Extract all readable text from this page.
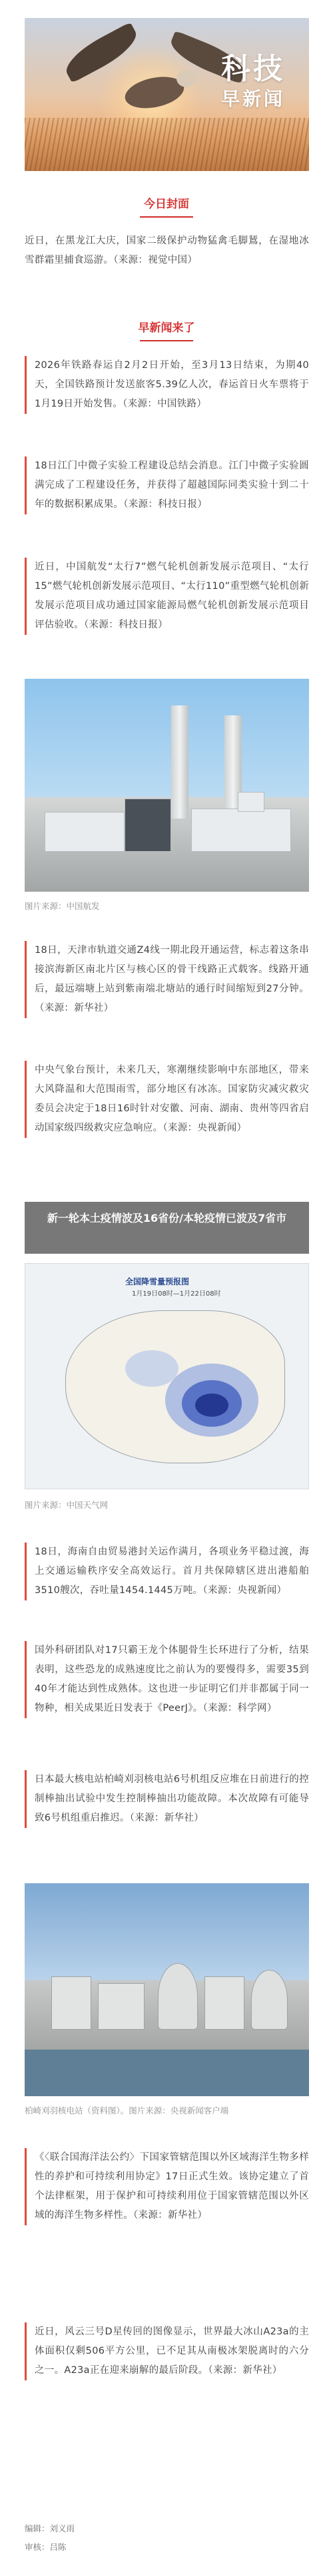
科技
早新闻
今日封面

近日，在黑龙江大庆，国家二级保护动物猛禽毛脚鵟，在湿地冰雪群霜里捕食巡游。（来源：视觉中国）

早新闻来了

2026年铁路春运自2月2日开始，至3月13日结束，为期40天，全国铁路预计发送旅客5.39亿人次，春运首日火车票将于1月19日开始发售。（来源：中国铁路）

18日江门中微子实验工程建设总结会消息。江门中微子实验圆满完成了工程建设任务，并获得了超越国际同类实验十到二十年的数据积累成果。（来源：科技日报）

近日，中国航发“太行7”燃气轮机创新发展示范项目、“太行15”燃气轮机创新发展示范项目、“太行110”重型燃气轮机创新发展示范项目成功通过国家能源局燃气轮机创新发展示范项目评估验收。（来源：科技日报）

图片来源：中国航发

18日，天津市轨道交通Z4线一期北段开通运营，标志着这条串接滨海新区南北片区与核心区的骨干线路正式载客。线路开通后，最远端塘上站到紫南端北塘站的通行时间缩短到27分钟。（来源：新华社）

中央气象台预计，未来几天，寒潮继续影响中东部地区，带来大风降温和大范围雨雪，部分地区有冰冻。国家防灾减灾救灾委员会决定于18日16时针对安徽、河南、湖南、贵州等四省启动国家级四级救灾应急响应。（来源：央视新闻）

新一轮本土疫情波及16省份/本轮疫情已波及7省市
全国降雪量预报图
1月19日08时—1月22日08时
图片来源：中国天气网

18日，海南自由贸易港封关运作满月，各项业务平稳过渡，海上交通运输秩序安全高效运行。首月共保障辖区进出港船舶3510艘次，吞吐量1454.1445万吨。（来源：央视新闻）

国外科研团队对17只霸王龙个体腿骨生长环进行了分析，结果表明，这些恐龙的成熟速度比之前认为的要慢得多，需要35到40年才能达到性成熟体。这也进一步证明它们并非都属于同一物种，相关成果近日发表于《PeerJ》。（来源：科学网）

日本最大核电站柏崎刈羽核电站6号机组反应堆在日前进行的控制棒抽出试验中发生控制棒抽出功能故障。本次故障有可能导致6号机组重启推迟。（来源：新华社）

柏崎刈羽核电站（资料图）。图片来源：央视新闻客户端

《〈联合国海洋法公约〉下国家管辖范围以外区域海洋生物多样性的养护和可持续利用协定》17日正式生效。该协定建立了首个法律框架，用于保护和可持续利用位于国家管辖范围以外区域的海洋生物多样性。（来源：新华社）

近日，风云三号D星传回的图像显示，世界最大冰山A23a的主体面积仅剩506平方公里，已不足其从南极冰架脱离时的六分之一。A23a正在迎来崩解的最后阶段。（来源：新华社）

编辑：刘义雨
审核：吕陈
